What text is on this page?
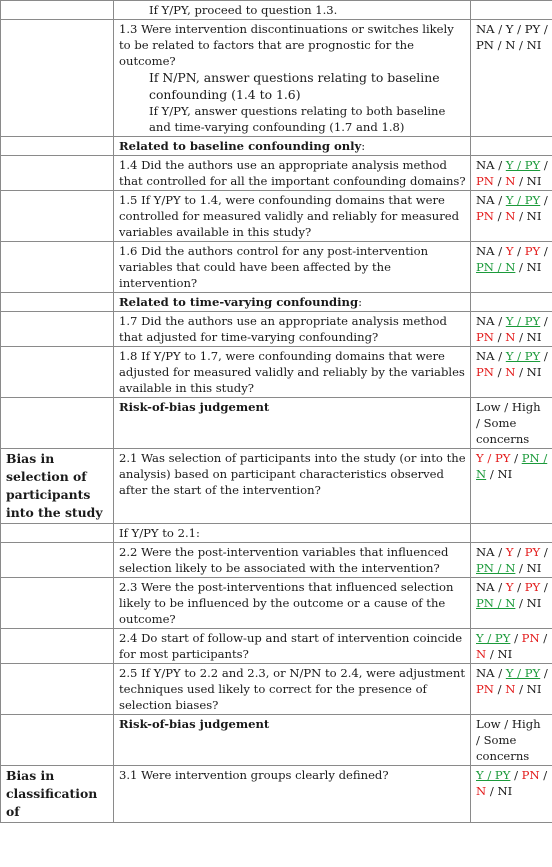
	If Y/PY, proceed to question 1.3.	

	1.3 Were intervention discontinuations or switches likely to be related to factors that are prognostic for the outcome?
If N/PN, answer questions relating to baseline confounding (1.4 to 1.6)
If Y/PY, answer questions relating to both baseline and time-varying confounding (1.7 and 1.8)	NA / Y / PY / PN / N / NI
	Related to baseline confounding only:	
	1.4 Did the authors use an appropriate analysis method that controlled for all the important confounding domains?	NA / Y / PY / PN / N / NI
	1.5 If Y/PY to 1.4, were confounding domains that were controlled for measured validly and reliably for measured variables available in this study?	NA / Y / PY / PN / N / NI
	1.6 Did the authors control for any post-intervention variables that could have been affected by the intervention?	NA / Y / PY / PN / N / NI
	Related to time-varying confounding:	
	1.7 Did the authors use an appropriate analysis method that adjusted for time-varying confounding?	NA / Y / PY / PN / N / NI
	1.8 If Y/PY to 1.7, were confounding domains that were adjusted for measured validly and reliably by the variables available in this study?	NA / Y / PY / PN / N / NI
	Risk-of-bias judgement	Low / High / Some concerns
Bias in selection of participants into the study	2.1 Was selection of participants into the study (or into the analysis) based on participant characteristics observed after the start of the intervention?	Y / PY / PN / N / NI
	If Y/PY to 2.1:	
	2.2 Were the post-intervention variables that influenced selection likely to be associated with the intervention?	NA / Y / PY / PN / N / NI
	2.3 Were the post-interventions that influenced selection likely to be influenced by the outcome or a cause of the outcome?	NA / Y / PY / PN / N / NI
	2.4 Do start of follow-up and start of intervention coincide for most participants?	Y / PY / PN / N / NI
	2.5 If Y/PY to 2.2 and 2.3, or N/PN to 2.4, were adjustment techniques used likely to correct for the presence of selection biases?	NA / Y / PY / PN / N / NI
	Risk-of-bias judgement	Low / High / Some concerns
Bias in classification of	3.1 Were intervention groups clearly defined?	Y / PY / PN / N / NI
